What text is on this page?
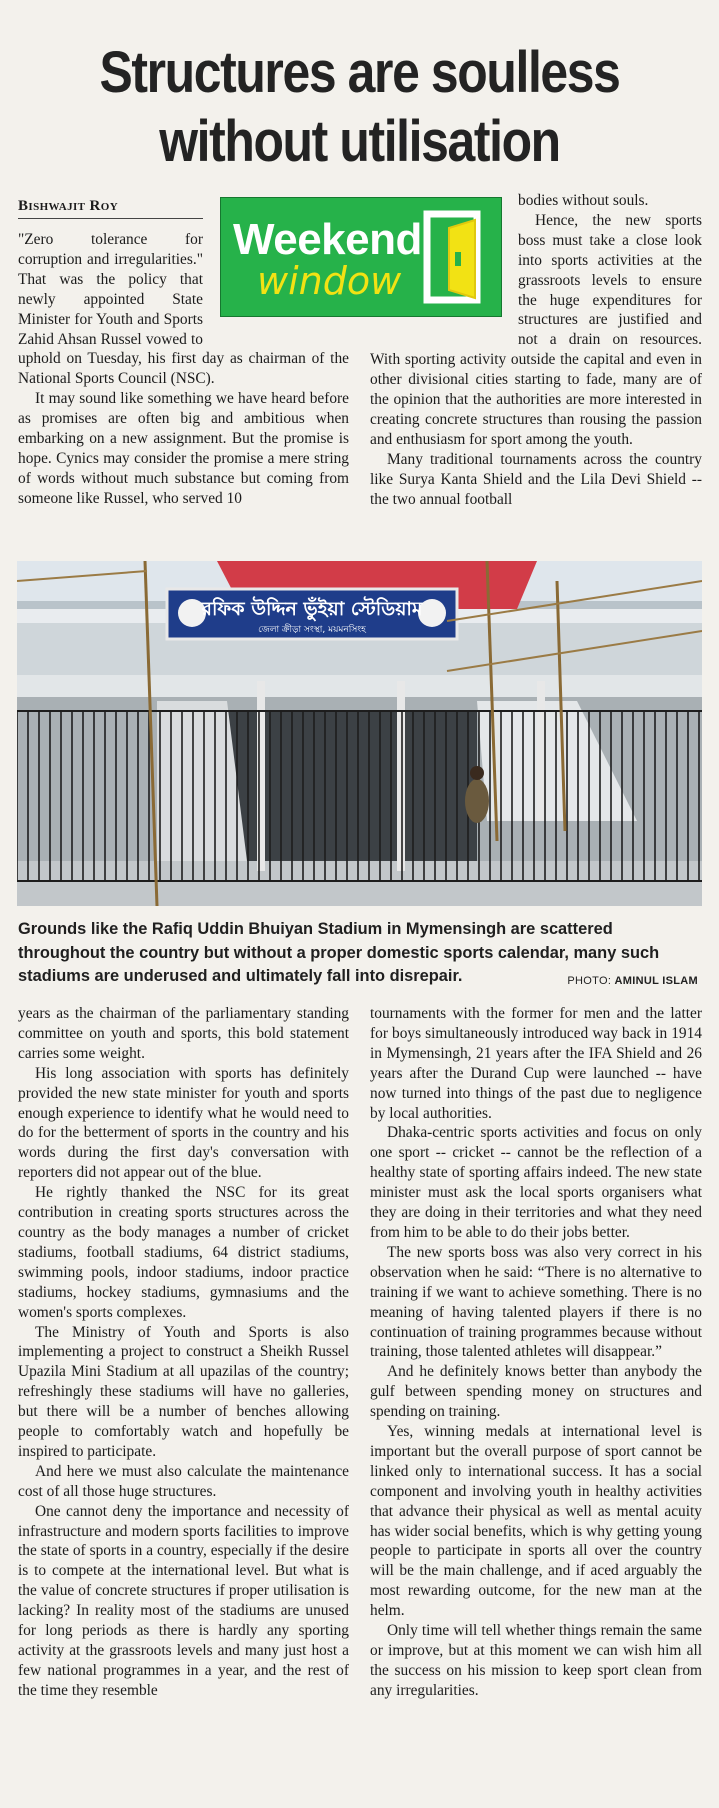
Structures are soulless
without utilisation
Bishwajit Roy
Weekend
window

"Zero tolerance for corruption and irregularities." That was the policy that newly appointed State Minister for Youth and Sports Zahid Ahsan Russel vowed to uphold on Tuesday, his first day as chairman of the National Sports Council (NSC).

It may sound like something we have heard before as promises are often big and ambitious when embarking on a new assignment. But the promise is hope. Cynics may consider the promise a mere string of words without much substance but coming from someone like Russel, who served 10

bodies without souls.

Hence, the new sports boss must take a close look into sports activities at the grassroots levels to ensure the huge expenditures for structures are justified and not a drain on resources. With sporting activity outside the capital and even in other divisional cities starting to fade, many are of the opinion that the authorities are more interested in creating concrete structures than rousing the passion and enthusiasm for sport among the youth.

Many traditional tournaments across the country like Surya Kanta Shield and the Lila Devi Shield -- the two annual football

রফিক উদ্দিন ভুঁইয়া স্টেডিয়াম
জেলা ক্রীড়া সংস্থা, ময়মনসিংহ
Grounds like the Rafiq Uddin Bhuiyan Stadium in Mymensingh are scattered throughout the country but without a proper domestic sports calendar, many such stadiums are underused and ultimately fall into disrepair.	PHOTO: AMINUL ISLAM

years as the chairman of the parliamentary standing committee on youth and sports, this bold statement carries some weight.

His long association with sports has definitely provided the new state minister for youth and sports enough experience to identify what he would need to do for the betterment of sports in the country and his words during the first day's conversation with reporters did not appear out of the blue.

He rightly thanked the NSC for its great contribution in creating sports structures across the country as the body manages a number of cricket stadiums, football stadiums, 64 district stadiums, swimming pools, indoor stadiums, indoor practice stadiums, hockey stadiums, gymnasiums and the women's sports complexes.

The Ministry of Youth and Sports is also implementing a project to construct a Sheikh Russel Upazila Mini Stadium at all upazilas of the country; refreshingly these stadiums will have no galleries, but there will be a number of benches allowing people to comfortably watch and hopefully be inspired to participate.

And here we must also calculate the maintenance cost of all those huge structures.

One cannot deny the importance and necessity of infrastructure and modern sports facilities to improve the state of sports in a country, especially if the desire is to compete at the international level. But what is the value of concrete structures if proper utilisation is lacking? In reality most of the stadiums are unused for long periods as there is hardly any sporting activity at the grassroots levels and many just host a few national programmes in a year, and the rest of the time they resemble

tournaments with the former for men and the latter for boys simultaneously introduced way back in 1914 in Mymensingh, 21 years after the IFA Shield and 26 years after the Durand Cup were launched -- have now turned into things of the past due to negligence by local authorities.

Dhaka-centric sports activities and focus on only one sport -- cricket -- cannot be the reflection of a healthy state of sporting affairs indeed. The new state minister must ask the local sports organisers what they are doing in their territories and what they need from him to be able to do their jobs better.

The new sports boss was also very correct in his observation when he said: “There is no alternative to training if we want to achieve something. There is no meaning of having talented players if there is no continuation of training programmes because without training, those talented athletes will disappear.”

And he definitely knows better than anybody the gulf between spending money on structures and spending on training.

Yes, winning medals at international level is important but the overall purpose of sport cannot be linked only to international success. It has a social component and involving youth in healthy activities that advance their physical as well as mental acuity has wider social benefits, which is why getting young people to participate in sports all over the country will be the main challenge, and if aced arguably the most rewarding outcome, for the new man at the helm.

Only time will tell whether things remain the same or improve, but at this moment we can wish him all the success on his mission to keep sport clean from any irregularities.
